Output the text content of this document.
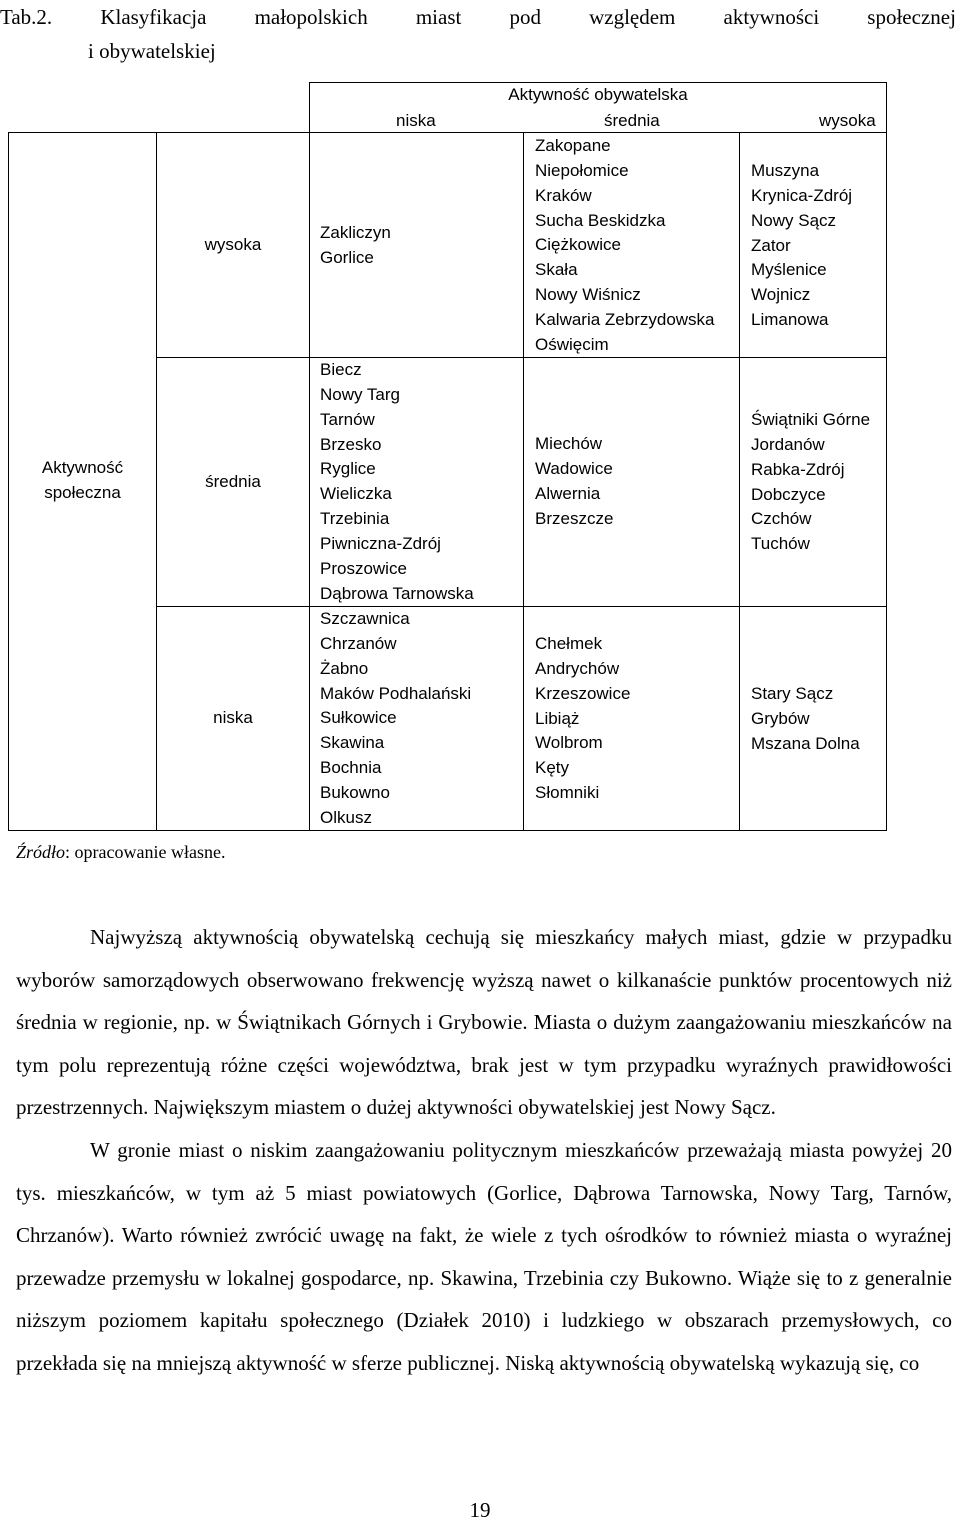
Tab.2. Klasyfikacja małopolskich miast pod względem aktywności społecznej
i obywatelskiej
Aktywność obywatelska
niska	średnia	wysoka
Aktywność
społeczna
wysoka
średnia
niska
Zakliczyn
Gorlice
Zakopane
Niepołomice
Kraków
Sucha Beskidzka
Ciężkowice
Skała
Nowy Wiśnicz
Kalwaria Zebrzydowska
Oświęcim
Muszyna
Krynica-Zdrój
Nowy Sącz
Zator
Myślenice
Wojnicz
Limanowa
Biecz
Nowy Targ
Tarnów
Brzesko
Ryglice
Wieliczka
Trzebinia
Piwniczna-Zdrój
Proszowice
Dąbrowa Tarnowska
Miechów
Wadowice
Alwernia
Brzeszcze
Świątniki Górne
Jordanów
Rabka-Zdrój
Dobczyce
Czchów
Tuchów
Szczawnica
Chrzanów
Żabno
Maków Podhalański
Sułkowice
Skawina
Bochnia
Bukowno
Olkusz
Chełmek
Andrychów
Krzeszowice
Libiąż
Wolbrom
Kęty
Słomniki
Stary Sącz
Grybów
Mszana Dolna
Źródło: opracowanie własne.

Najwyższą aktywnością obywatelską cechują się mieszkańcy małych miast, gdzie w przypadku wyborów samorządowych obserwowano frekwencję wyższą nawet o kilkanaście punktów procentowych niż średnia w regionie, np. w Świątnikach Górnych i Grybowie. Miasta o dużym zaangażowaniu mieszkańców na tym polu reprezentują różne części województwa, brak jest w tym przypadku wyraźnych prawidłowości przestrzennych. Największym miastem o dużej aktywności obywatelskiej jest Nowy Sącz.

W gronie miast o niskim zaangażowaniu politycznym mieszkańców przeważają miasta powyżej 20 tys. mieszkańców, w tym aż 5 miast powiatowych (Gorlice, Dąbrowa Tarnowska, Nowy Targ, Tarnów, Chrzanów). Warto również zwrócić uwagę na fakt, że wiele z tych ośrodków to również miasta o wyraźnej przewadze przemysłu w lokalnej gospodarce, np. Skawina, Trzebinia czy Bukowno. Wiąże się to z generalnie niższym poziomem kapitału społecznego (Działek 2010) i ludzkiego w obszarach przemysłowych, co przekłada się na mniejszą aktywność w sferze publicznej. Niską aktywnością obywatelską wykazują się, co

19
